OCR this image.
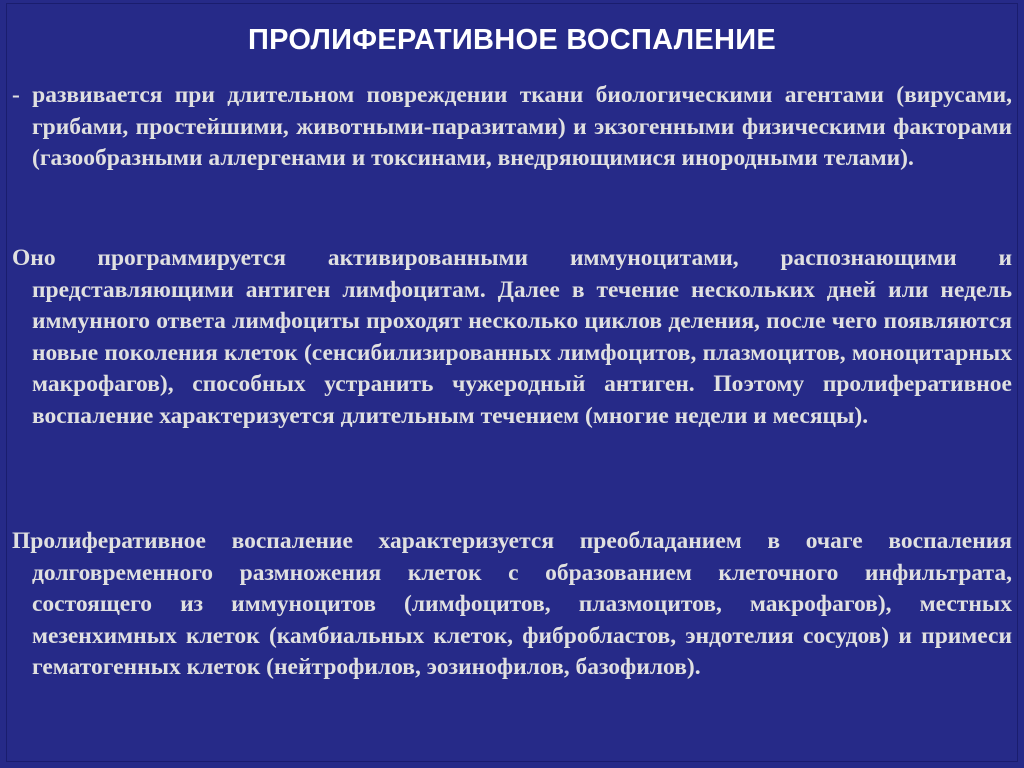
ПРОЛИФЕРАТИВНОЕ ВОСПАЛЕНИЕ

- развивается при длительном повреждении ткани биологическими агентами (вирусами, грибами, простейшими, животными-паразитами) и экзогенными физическими факторами (газообразными аллергенами и токсинами, внедряющимися инородными телами).

Оно программируется активированными иммуноцитами, распознающими и представляющими антиген лимфоцитам. Далее в течение нескольких дней или недель иммунного ответа лимфоциты проходят несколько циклов деления, после чего появляются новые поколения клеток (сенсибилизированных лимфоцитов, плазмоцитов, моноцитарных макрофагов), способных устранить чужеродный антиген. Поэтому пролиферативное воспаление характеризуется длительным течением (многие недели и месяцы).

Пролиферативное воспаление характеризуется преобладанием в очаге воспаления долговременного размножения клеток с образованием клеточного инфильтрата, состоящего из иммуноцитов (лимфоцитов, плазмоцитов, макрофагов), местных мезенхимных клеток (камбиальных клеток, фибробластов, эндотелия сосудов) и примеси гематогенных клеток (нейтрофилов, эозинофилов, базофилов).
